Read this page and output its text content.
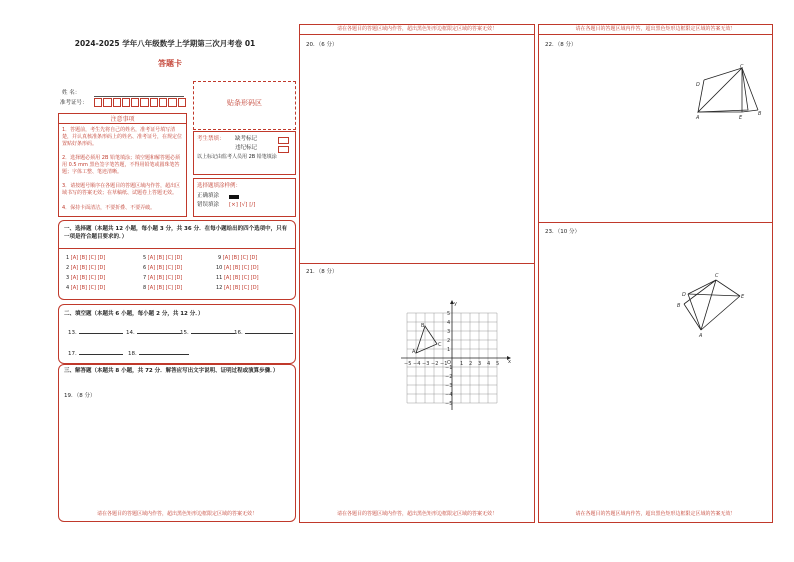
2024-2025 学年八年级数学上学期第三次月考卷 01
答题卡
姓 名：
准考证号：	贴条形码区
注意事项
1．答题前，考生先将自己的姓名，准考证号填写清楚，并认真核准条形码上的姓名、准考证号，在规定位置贴好条形码。
2．选择题必须用 2B 铅笔填涂；填空题和解答题必须用 0.5 mm 黑色签字笔答题，不得用铅笔或圆珠笔答题；字体工整、笔迹清晰。
3．请按题号顺序在各题目的答题区域内作答，超出区域书写的答案无效；在草稿纸、试题卷上答题无效。
4．保持卡面清洁，不要折叠、不要弄破。
考生禁填： 缺考标记
违纪标记
以上标记由监考人员用 2B 铅笔填涂
选择题填涂样例：
正确填涂
错误填涂 [×] [√] [/]
一、选择题（本题共 12 小题，每小题 3 分，共 36 分．在每小题给出的四个选项中，只有一项是符合题目要求的．）
1 [A] [B] [C] [D]
2 [A] [B] [C] [D]
3 [A] [B] [C] [D]
4 [A] [B] [C] [D]
5 [A] [B] [C] [D]
6 [A] [B] [C] [D]
7 [A] [B] [C] [D]
8 [A] [B] [C] [D]
9 [A] [B] [C] [D]
10 [A] [B] [C] [D]
11 [A] [B] [C] [D]
12 [A] [B] [C] [D]
二、填空题（本题共 6 小题，每小题 2 分，共 12 分．）
13.	14.	15.	16.
17.	18.
三、解答题（本题共 8 小题，共 72 分．解答应写出文字说明、证明过程或演算步骤．）
19．（8 分）
请在各题目的答题区域内作答，超出黑色矩形边框限定区域的答案无效！
请在各题目的答题区域内作答，超出黑色矩形边框限定区域的答案无效！
20．（6 分）
21．（8 分）
A
B
C
x
y
O
−5 −4 −3 −2 −1	1 2 3 4 5
5
4
3
2
1
−1
−2
−3
−4
−5
请在各题目的答题区域内作答，超出黑色矩形边框限定区域的答案无效！
请在各题目的答题区域内作答，超出黑色矩形边框限定区域的答案无效！
22．（8 分）
D
C
A	E
B
23．（10 分）
C
D
B
E
A
请在各题目的答题区域内作答，超出黑色矩形边框限定区域的答案无效！
